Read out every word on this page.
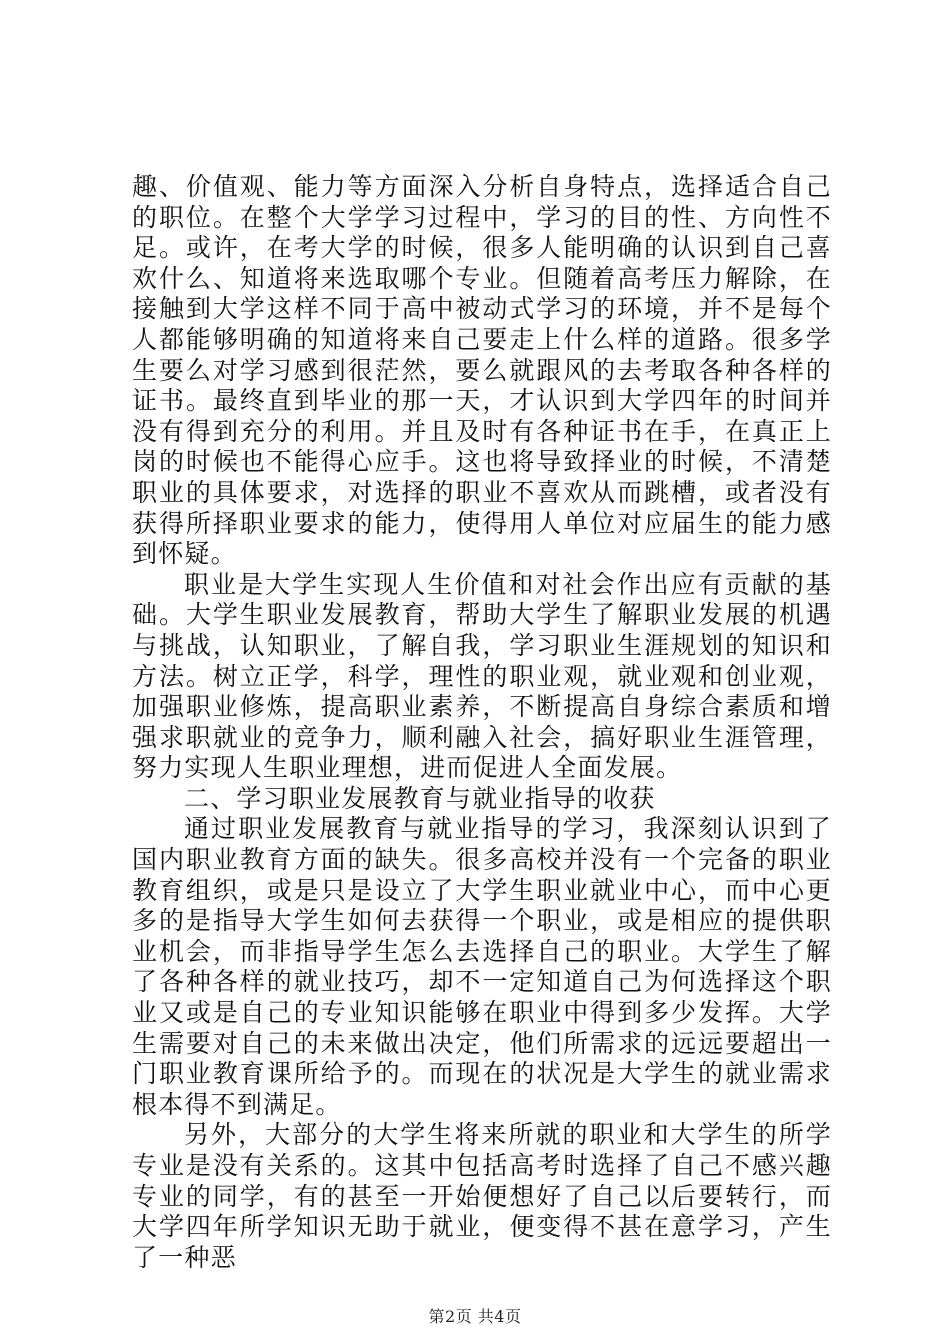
趣、价值观、能力等方面深入分析自身特点，选择适合自己的职位。在整个大学学习过程中，学习的目的性、方向性不足。或许，在考大学的时候，很多人能明确的认识到自己喜欢什么、知道将来选取哪个专业。但随着高考压力解除，在接触到大学这样不同于高中被动式学习的环境，并不是每个人都能够明确的知道将来自己要走上什么样的道路。很多学生要么对学习感到很茫然，要么就跟风的去考取各种各样的证书。最终直到毕业的那一天，才认识到大学四年的时间并没有得到充分的利用。并且及时有各种证书在手，在真正上岗的时候也不能得心应手。这也将导致择业的时候，不清楚职业的具体要求，对选择的职业不喜欢从而跳槽，或者没有获得所择职业要求的能力，使得用人单位对应届生的能力感到怀疑。

职业是大学生实现人生价值和对社会作出应有贡献的基础。大学生职业发展教育，帮助大学生了解职业发展的机遇与挑战，认知职业，了解自我，学习职业生涯规划的知识和方法。树立正学，科学，理性的职业观，就业观和创业观，加强职业修炼，提高职业素养，不断提高自身综合素质和增强求职就业的竞争力，顺利融入社会，搞好职业生涯管理，努力实现人生职业理想，进而促进人全面发展。

二、学习职业发展教育与就业指导的收获

通过职业发展教育与就业指导的学习，我深刻认识到了国内职业教育方面的缺失。很多高校并没有一个完备的职业教育组织，或是只是设立了大学生职业就业中心，而中心更多的是指导大学生如何去获得一个职业，或是相应的提供职业机会，而非指导学生怎么去选择自己的职业。大学生了解了各种各样的就业技巧，却不一定知道自己为何选择这个职业又或是自己的专业知识能够在职业中得到多少发挥。大学生需要对自己的未来做出决定，他们所需求的远远要超出一门职业教育课所给予的。而现在的状况是大学生的就业需求根本得不到满足。

另外，大部分的大学生将来所就的职业和大学生的所学专业是没有关系的。这其中包括高考时选择了自己不感兴趣专业的同学，有的甚至一开始便想好了自己以后要转行，而大学四年所学知识无助于就业，便变得不甚在意学习，产生了一种恶

第2页 共4页
